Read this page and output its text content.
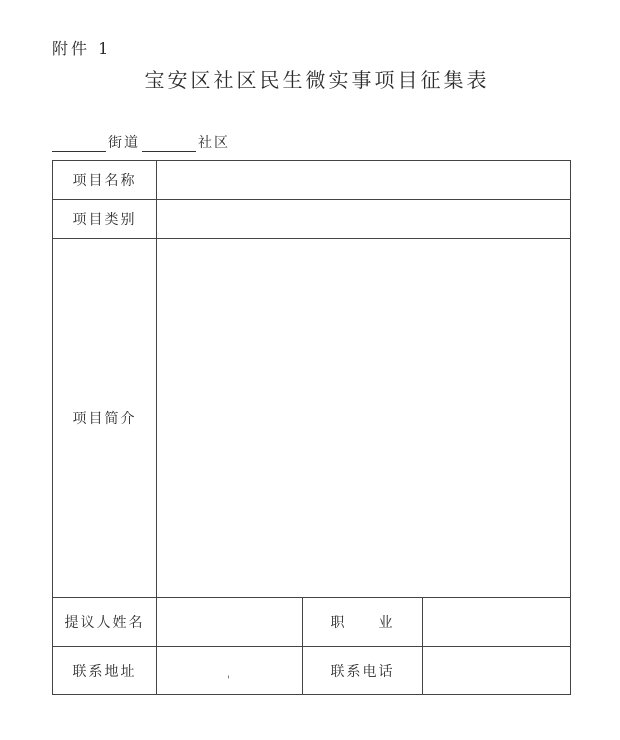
附件 1
宝安区社区民生微实事项目征集表
街道	社区
项目名称			
项目类别			
项目简介			
提议人姓名		职　　业	
联系地址	'	联系电话	
